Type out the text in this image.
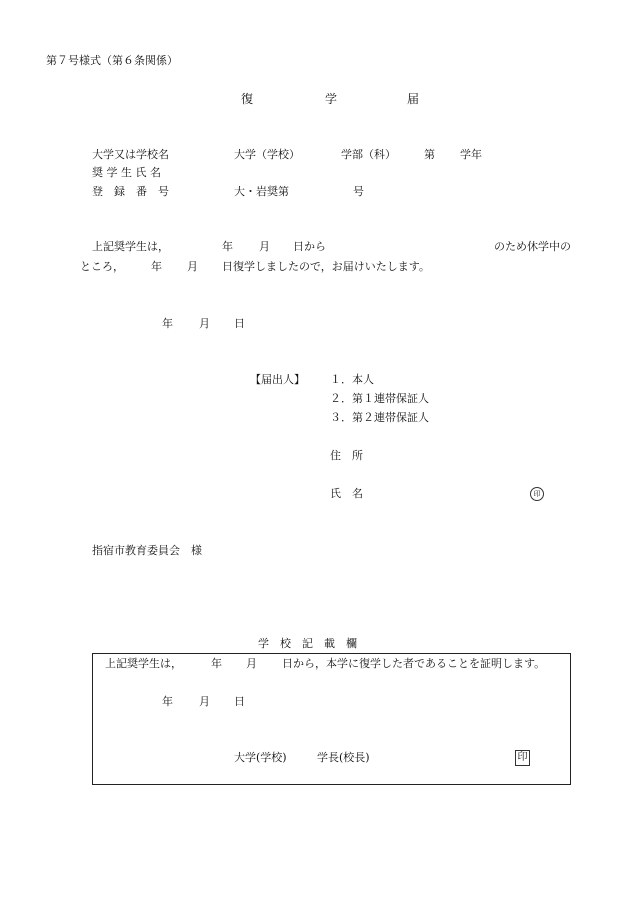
第７号様式（第６条関係）
復	学	届
大学又は学校名	大学（学校）	学部（科）	第 学年
奨 学 生 氏 名
登　録　番　号	大・岩奨第	号
上記奨学生は，	年 月 日から	のため休学中の
ところ， 年 月 日復学しましたので，お届けいたします。
年 月 日
【届出人】 １．本人
２．第１連帯保証人
３．第２連帯保証人
住　所
氏　名	印
指宿市教育委員会　様
学　校　記　載　欄
上記奨学生は，	年 月 日から，本学に復学した者であることを証明します。
年 月 日
大学(学校)	学長(校長)	印
